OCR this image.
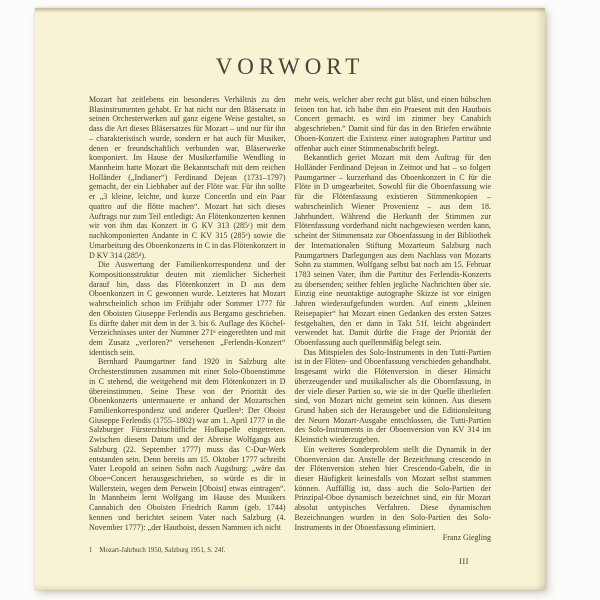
VORWORT

Mozart hat zeitlebens ein besonderes Verhältnis zu den Blasinstrumenten gehabt. Er hat nicht nur den Bläsersatz in seinen Orchesterwerken auf ganz eigene Weise gestaltet, so dass die Art dieses Bläsersatzes für Mozart – und nur für ihn – charakteristisch wurde, sondern er hat auch für Musiker, denen er freundschaftlich verbunden war, Bläserwerke komponiert. Im Hause der Musikerfamilie Wendling in Mannheim hatte Mozart die Bekanntschaft mit dem reichen Holländer („Indianer“) Ferdinand Dejean (1731–1797) gemacht, der ein Liebhaber auf der Flöte war. Für ihn sollte er „3 kleine, leichte, und kurze Concertln und ein Paar quattro auf die flötte machen“. Mozart hat sich dieses Auftrags nur zum Teil entledigt: An Flötenkonzerten kennen wir von ihm das Konzert in G KV 313 (285ᶜ) mit dem nachkomponierten Andante in C KV 315 (285ᵉ) sowie die Umarbeitung des Oboenkonzerts in C in das Flötenkonzert in D KV 314 (285ᵈ).

Die Auswertung der Familienkorrespondenz und der Kompositionsstruktur deuten mit ziemlicher Sicherheit darauf hin, dass das Flötenkonzert in D aus dem Oboenkonzert in C gewonnen wurde. Letzteres hat Mozart wahrscheinlich schon im Frühjahr oder Sommer 1777 für den Oboisten Giuseppe Ferlendis aus Bergamo geschrieben. Es dürfte daher mit dem in der 3. bis 6. Auflage des Köchel-Verzeichnisses unter der Nummer 271ᵏ eingereihten und mit dem Zusatz „verloren?“ versehenen „Ferlendis-Konzert“ identisch sein.

Bernhard Paumgartner fand 1920 in Salzburg alte Orchesterstimmen zusammen mit einer Solo-Oboenstimme in C stehend, die weitgehend mit dem Flötenkonzert in D übereinstimmen. Seine These von der Priorität des Oboenkonzerts untermauerte er anhand der Mozartschen Familienkorrespondenz und anderer Quellen¹: Der Oboist Giuseppe Ferlendis (1755–1802) war am 1. April 1777 in die Salzburger Fürsterzbischöfliche Hofkapelle eingetreten. Zwischen diesem Datum und der Abreise Wolfgangs aus Salzburg (22. September 1777) muss das C-Dur-Werk entstanden sein. Denn bereits am 15. Oktober 1777 schreibt Vater Leopold an seinen Sohn nach Augsburg: „wäre das Oboe=Concert herausgeschrieben, so würde es dir in Wallerstein, wegen dem Perwein [Oboist] etwas eintragen“. In Mannheim lernt Wolfgang im Hause des Musikers Cannabich den Oboisten Friedrich Ramm (geb. 1744) kennen und berichtet seinem Vater nach Salzburg (4. November 1777): „der Hautboist, dessen Nammen ich nicht

1 Mozart-Jahrbuch 1950, Salzburg 1951, S. 24f.

mehr weis, welcher aber recht gut bläst, und einen hübschen feinen ton hat. ich habe ihm ein Praesent mit den Hautbois Concert gemacht. es wird im zimmer bey Canabich abgeschrieben.“ Damit sind für das in den Briefen erwähnte Oboen-Konzert die Existenz einer autographen Partitur und offenbar auch einer Stimmenabschrift belegt.

Bekanntlich geriet Mozart mit dem Auftrag für den Holländer Ferdinand Dejean in Zeitnot und hat – so folgert Paumgartner – kurzerhand das Oboenkonzert in C für die Flöte in D umgearbeitet. Sowohl für die Oboenfassung wie für die Flötenfassung existieren Stimmenkopien – wahrscheinlich Wiener Provenienz – aus dem 18. Jahrhundert. Während die Herkunft der Stimmen zur Flötenfassung vorderhand nicht nachgewiesen werden kann, scheint der Stimmensatz zur Oboenfassung in der Bibliothek der Internationalen Stiftung Mozarteum Salzburg nach Paumgartners Darlegungen aus dem Nachlass von Mozarts Sohn zu stammen. Wolfgang selbst bat noch am 15. Februar 1783 seinen Vater, ihm die Partitur des Ferlendis-Konzerts zu übersenden; seither fehlen jegliche Nachrichten über sie. Einzig eine neuntaktige autographe Skizze ist vor einigen Jahren wiederaufgefunden worden. Auf einem „kleinen Reisepapier“ hat Mozart einen Gedanken des ersten Satzes festgehalten, den er dann in Takt 51f. leicht abgeändert verwendet hat. Damit dürfte die Frage der Priorität der Oboenfassung auch quellenmäßig belegt sein.

Das Mitspielen des Solo-Instruments in den Tutti-Partien ist in der Flöten- und Oboenfassung verschieden gehandhabt. Insgesamt wirkt die Flötenversion in dieser Hinsicht überzeugender und musikalischer als die Oboenfassung, in der viele dieser Partien so, wie sie in der Quelle überliefert sind, von Mozart nicht gemeint sein können. Aus diesem Grund haben sich der Herausgeber und die Editionsleitung der Neuen Mozart-Ausgabe entschlossen, die Tutti-Partien des Solo-Instruments in der Oboenversion von KV 314 im Kleinstich wiederzugeben.

Ein weiteres Sonderproblem stellt die Dynamik in der Oboenversion dar. Anstelle der Bezeichnung crescendo in der Flötenversion stehen hier Crescendo-Gabeln, die in dieser Häufigkeit keinesfalls von Mozart selbst stammen können. Auffällig ist, dass auch die Solo-Partien der Prinzipal-Oboe dynamisch bezeichnet sind, ein für Mozart absolut untypisches Verfahren. Diese dynamischen Bezeichnungen wurden in den Solo-Partien des Solo-Instruments in der Oboenfassung eliminiert.

Franz Giegling
III
